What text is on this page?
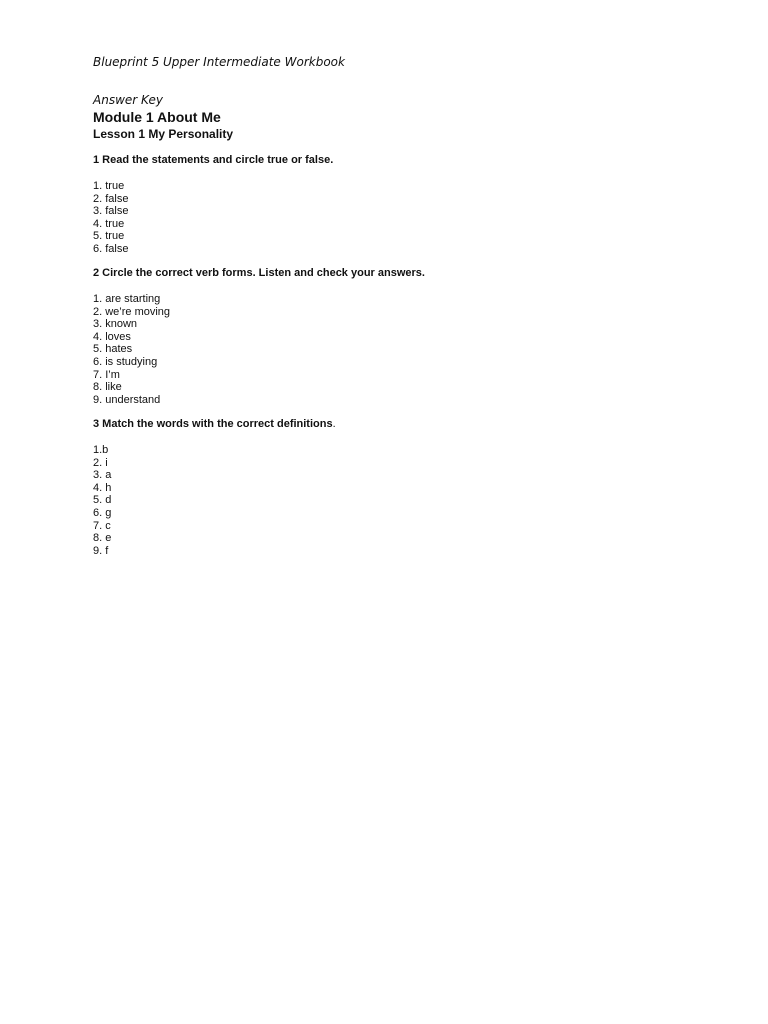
Blueprint 5 Upper Intermediate Workbook
Answer Key
Module 1 About Me
Lesson 1 My Personality

1 Read the statements and circle true or false.

1. true
2. false
3. false
4. true
5. true
6. false

2 Circle the correct verb forms. Listen and check your answers.

1. are starting
2. we’re moving
3. known
4. loves
5. hates
6. is studying
7. I’m
8. like
9. understand

3 Match the words with the correct definitions.

1.b
2. i
3. a
4. h
5. d
6. g
7. c
8. e
9. f
